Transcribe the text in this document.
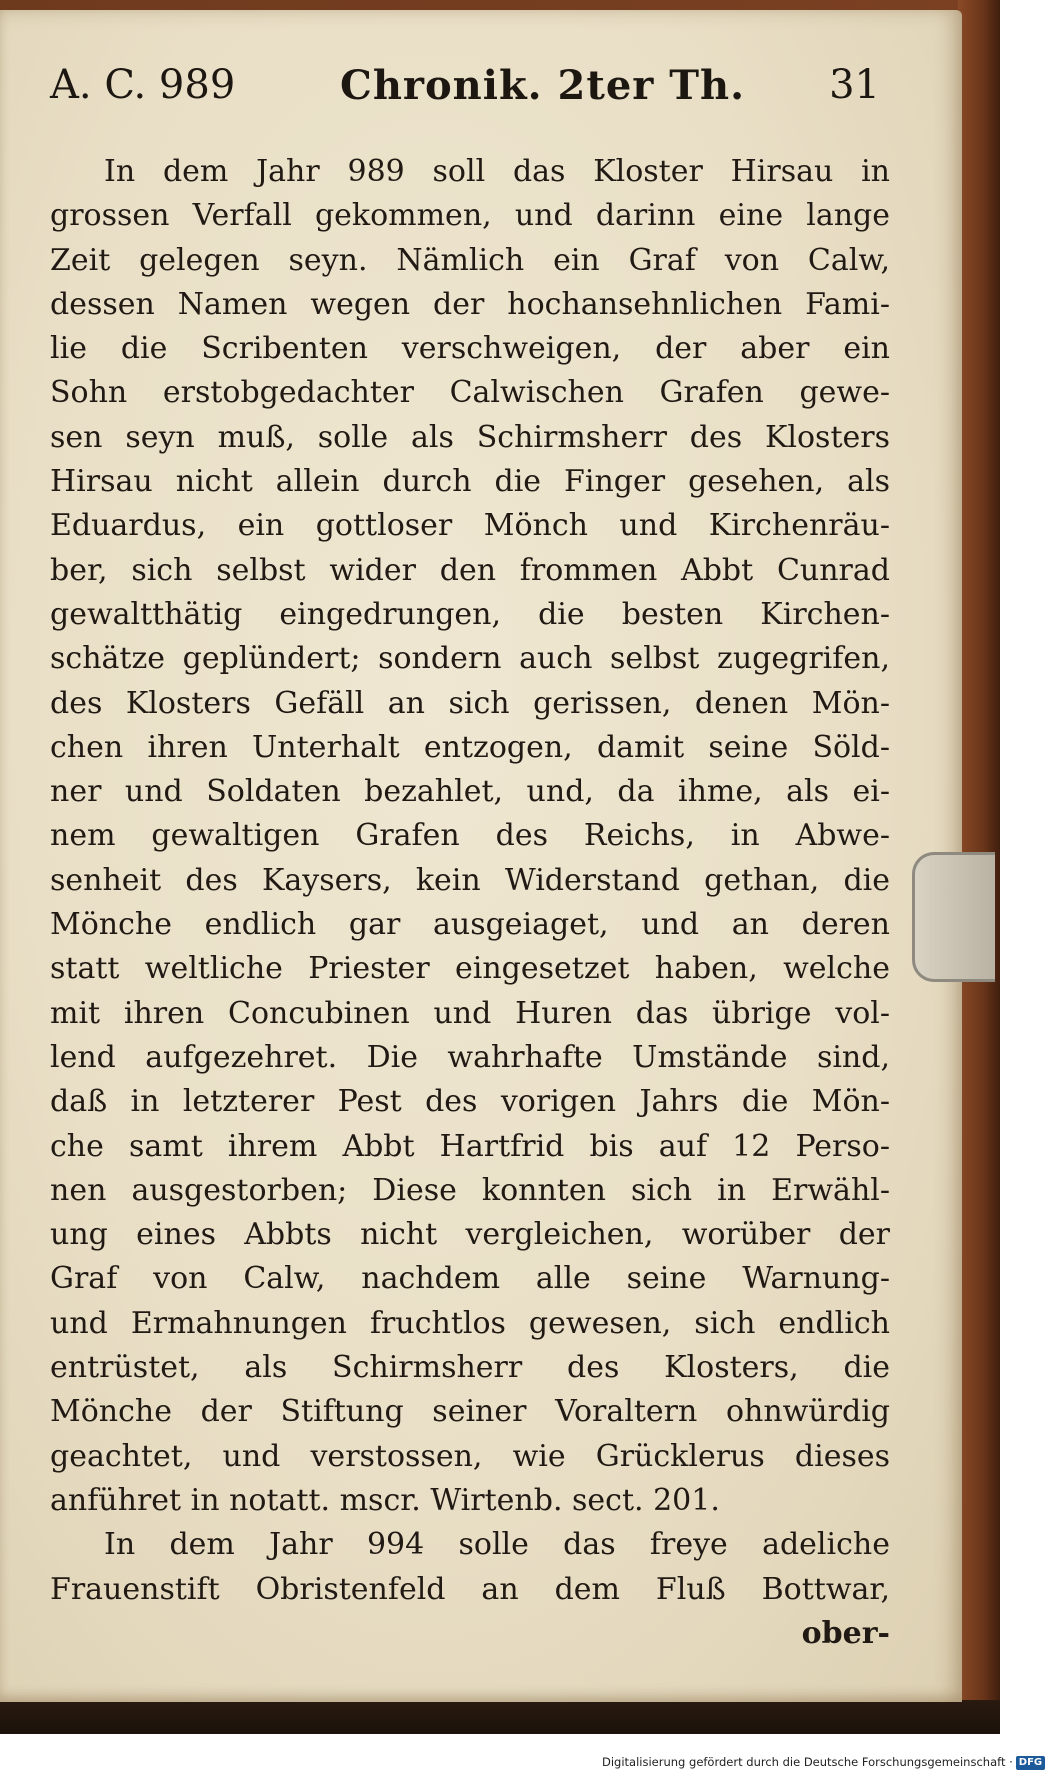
A. C. 989	Chronik. 2ter Th. 31
In dem Jahr 989 soll das Kloster Hirsau in
grossen Verfall gekommen, und darinn eine lange
Zeit gelegen seyn. Nämlich ein Graf von Calw,
dessen Namen wegen der hochansehnlichen Fami-
lie die Scribenten verschweigen, der aber ein
Sohn erstobgedachter Calwischen Grafen gewe-
sen seyn muß, solle als Schirmsherr des Klosters
Hirsau nicht allein durch die Finger gesehen, als
Eduardus, ein gottloser Mönch und Kirchenräu-
ber, sich selbst wider den frommen Abbt Cunrad
gewaltthätig eingedrungen, die besten Kirchen-
schätze geplündert; sondern auch selbst zugegrifen,
des Klosters Gefäll an sich gerissen, denen Mön-
chen ihren Unterhalt entzogen, damit seine Söld-
ner und Soldaten bezahlet, und, da ihme, als ei-
nem gewaltigen Grafen des Reichs, in Abwe-
senheit des Kaysers, kein Widerstand gethan, die
Mönche endlich gar ausgeiaget, und an deren
statt weltliche Priester eingesetzet haben, welche
mit ihren Concubinen und Huren das übrige vol-
lend aufgezehret. Die wahrhafte Umstände sind,
daß in letzterer Pest des vorigen Jahrs die Mön-
che samt ihrem Abbt Hartfrid bis auf 12 Perso-
nen ausgestorben; Diese konnten sich in Erwähl-
ung eines Abbts nicht vergleichen, worüber der
Graf von Calw, nachdem alle seine Warnung-
und Ermahnungen fruchtlos gewesen, sich endlich
entrüstet, als Schirmsherr des Klosters, die
Mönche der Stiftung seiner Voraltern ohnwürdig
geachtet, und verstossen, wie Grücklerus dieses
anführet in notatt. mscr. Wirtenb. sect. 201.
In dem Jahr 994 solle das freye adeliche
Frauenstift Obristenfeld an dem Fluß Bottwar,
ober-
Digitalisierung gefördert durch die Deutsche Forschungsgemeinschaft · DFG
